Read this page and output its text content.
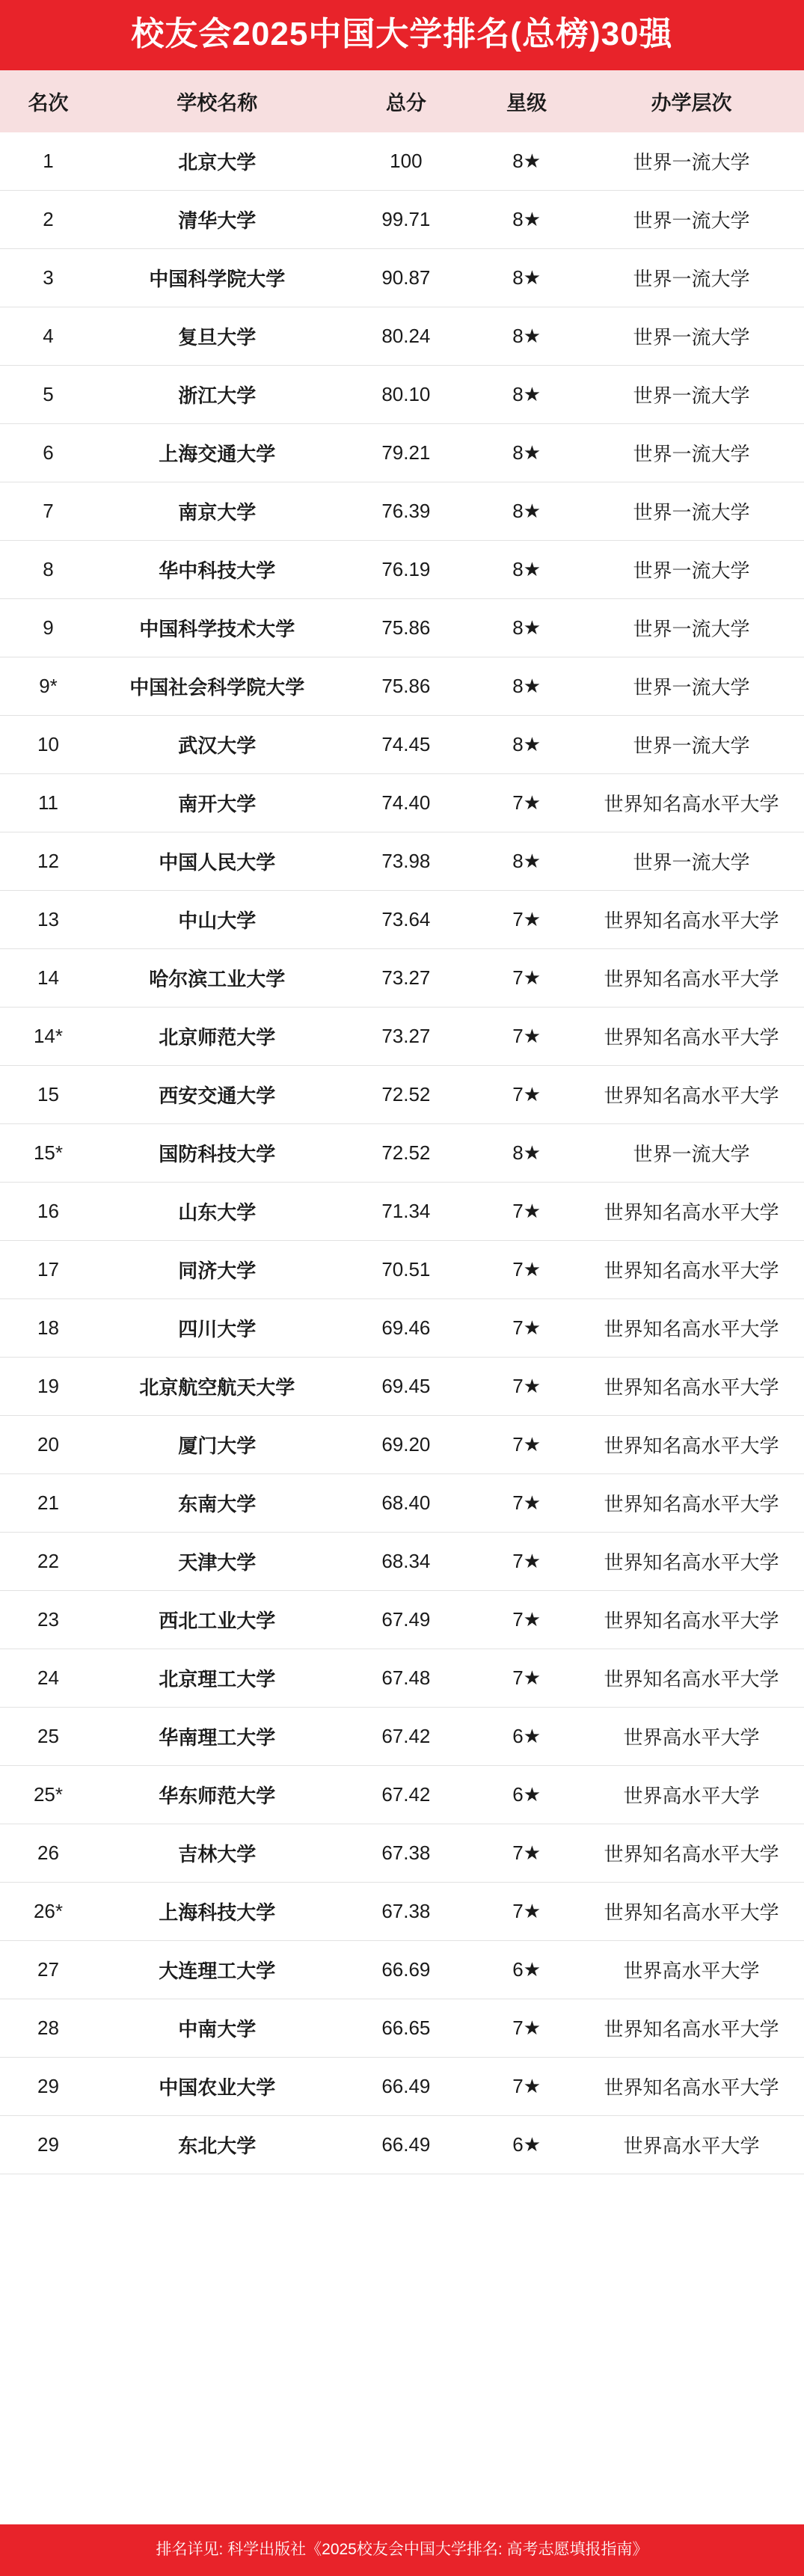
校友会2025中国大学排名(总榜)30强
名次	学校名称	总分	星级	办学层次
1	北京大学	100	8★	世界一流大学
2	清华大学	99.71	8★	世界一流大学
3	中国科学院大学	90.87	8★	世界一流大学
4	复旦大学	80.24	8★	世界一流大学
5	浙江大学	80.10	8★	世界一流大学
6	上海交通大学	79.21	8★	世界一流大学
7	南京大学	76.39	8★	世界一流大学
8	华中科技大学	76.19	8★	世界一流大学
9	中国科学技术大学	75.86	8★	世界一流大学
9*	中国社会科学院大学	75.86	8★	世界一流大学
10	武汉大学	74.45	8★	世界一流大学
11	南开大学	74.40	7★	世界知名高水平大学
12	中国人民大学	73.98	8★	世界一流大学
13	中山大学	73.64	7★	世界知名高水平大学
14	哈尔滨工业大学	73.27	7★	世界知名高水平大学
14*	北京师范大学	73.27	7★	世界知名高水平大学
15	西安交通大学	72.52	7★	世界知名高水平大学
15*	国防科技大学	72.52	8★	世界一流大学
16	山东大学	71.34	7★	世界知名高水平大学
17	同济大学	70.51	7★	世界知名高水平大学
18	四川大学	69.46	7★	世界知名高水平大学
19	北京航空航天大学	69.45	7★	世界知名高水平大学
20	厦门大学	69.20	7★	世界知名高水平大学
21	东南大学	68.40	7★	世界知名高水平大学
22	天津大学	68.34	7★	世界知名高水平大学
23	西北工业大学	67.49	7★	世界知名高水平大学
24	北京理工大学	67.48	7★	世界知名高水平大学
25	华南理工大学	67.42	6★	世界高水平大学
25*	华东师范大学	67.42	6★	世界高水平大学
26	吉林大学	67.38	7★	世界知名高水平大学
26*	上海科技大学	67.38	7★	世界知名高水平大学
27	大连理工大学	66.69	6★	世界高水平大学
28	中南大学	66.65	7★	世界知名高水平大学
29	中国农业大学	66.49	7★	世界知名高水平大学
29	东北大学	66.49	6★	世界高水平大学
排名详见: 科学出版社《2025校友会中国大学排名: 高考志愿填报指南》
